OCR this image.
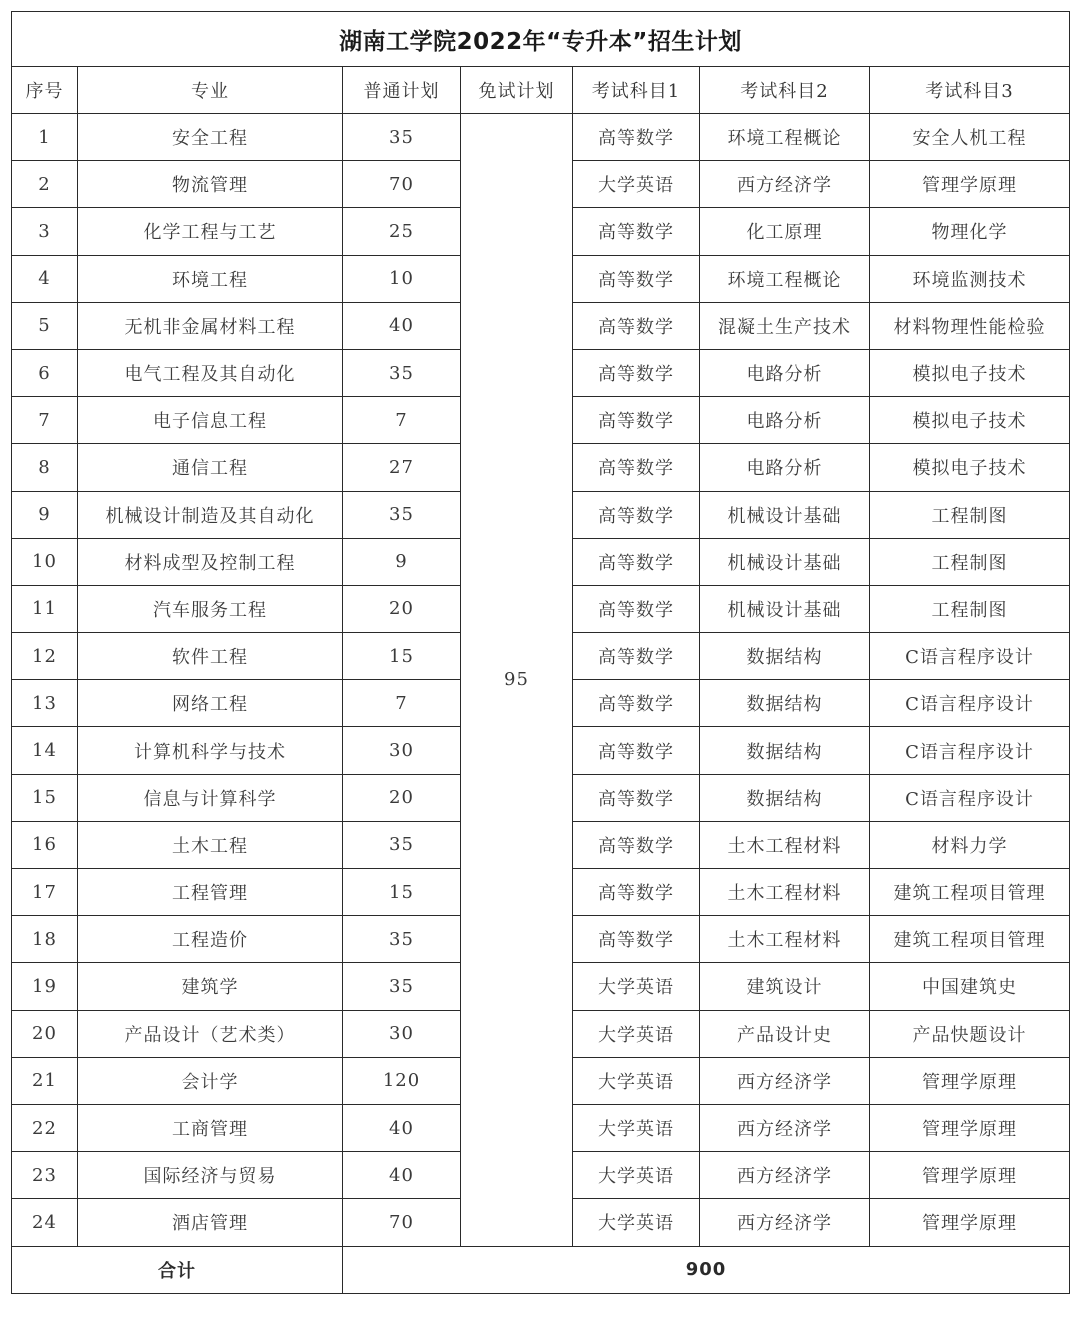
湖南工学院2022年“专升本”招生计划						
序号	专业	普通计划	免试计划	考试科目1	考试科目2	考试科目3
1	安全工程	35	95	高等数学	环境工程概论	安全人机工程
2	物流管理	70		大学英语	西方经济学	管理学原理
3	化学工程与工艺	25		高等数学	化工原理	物理化学
4	环境工程	10		高等数学	环境工程概论	环境监测技术
5	无机非金属材料工程	40		高等数学	混凝土生产技术	材料物理性能检验
6	电气工程及其自动化	35		高等数学	电路分析	模拟电子技术
7	电子信息工程	7		高等数学	电路分析	模拟电子技术
8	通信工程	27		高等数学	电路分析	模拟电子技术
9	机械设计制造及其自动化	35		高等数学	机械设计基础	工程制图
10	材料成型及控制工程	9		高等数学	机械设计基础	工程制图
11	汽车服务工程	20		高等数学	机械设计基础	工程制图
12	软件工程	15		高等数学	数据结构	C语言程序设计
13	网络工程	7		高等数学	数据结构	C语言程序设计
14	计算机科学与技术	30		高等数学	数据结构	C语言程序设计
15	信息与计算科学	20		高等数学	数据结构	C语言程序设计
16	土木工程	35		高等数学	土木工程材料	材料力学
17	工程管理	15		高等数学	土木工程材料	建筑工程项目管理
18	工程造价	35		高等数学	土木工程材料	建筑工程项目管理
19	建筑学	35		大学英语	建筑设计	中国建筑史
20	产品设计（艺术类）	30		大学英语	产品设计史	产品快题设计
21	会计学	120		大学英语	西方经济学	管理学原理
22	工商管理	40		大学英语	西方经济学	管理学原理
23	国际经济与贸易	40		大学英语	西方经济学	管理学原理
24	酒店管理	70		大学英语	西方经济学	管理学原理
合计		900				
